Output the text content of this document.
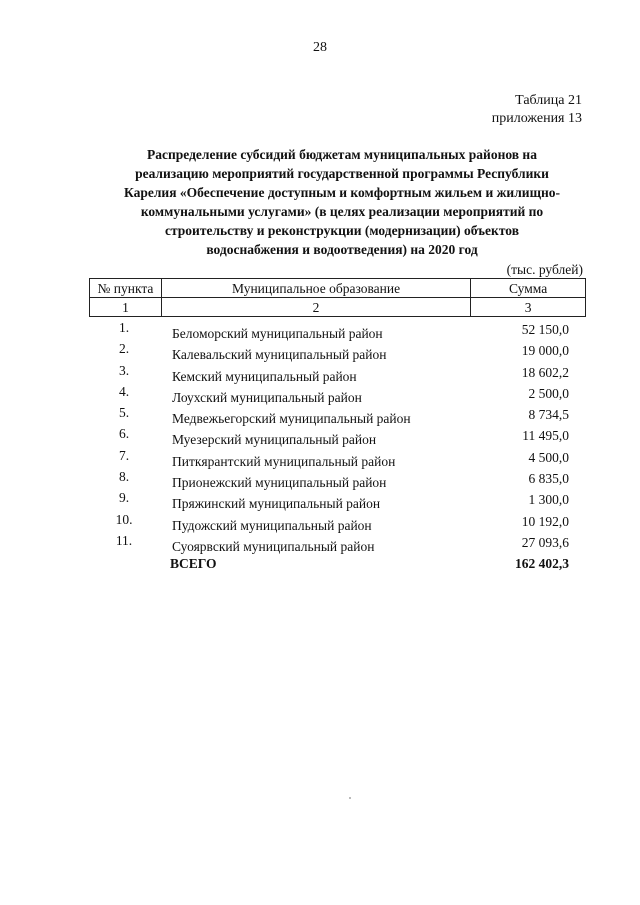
28
Таблица 21
приложения 13
Распределение субсидий бюджетам муниципальных районов на
реализацию мероприятий государственной программы Республики
Карелия «Обеспечение доступным и комфортным жильем и жилищно-
коммунальными услугами» (в целях реализации мероприятий по
строительству и реконструкции (модернизации) объектов
водоснабжения и водоотведения) на 2020 год
(тыс. рублей)
№ пункта	Муниципальное образование	Сумма
1	2	3
1.	Беломорский муниципальный район	52 150,0
2.	Калевальский муниципальный район	19 000,0
3.	Кемский муниципальный район	18 602,2
4.	Лоухский муниципальный район	2 500,0
5.	Медвежьегорский муниципальный район	8 734,5
6.	Муезерский муниципальный район	11 495,0
7.	Питкярантский муниципальный район	4 500,0
8.	Прионежский муниципальный район	6 835,0
9.	Пряжинский муниципальный район	1 300,0
10.	Пудожский муниципальный район	10 192,0
11.	Суоярвский муниципальный район	27 093,6
ВСЕГО	162 402,3
